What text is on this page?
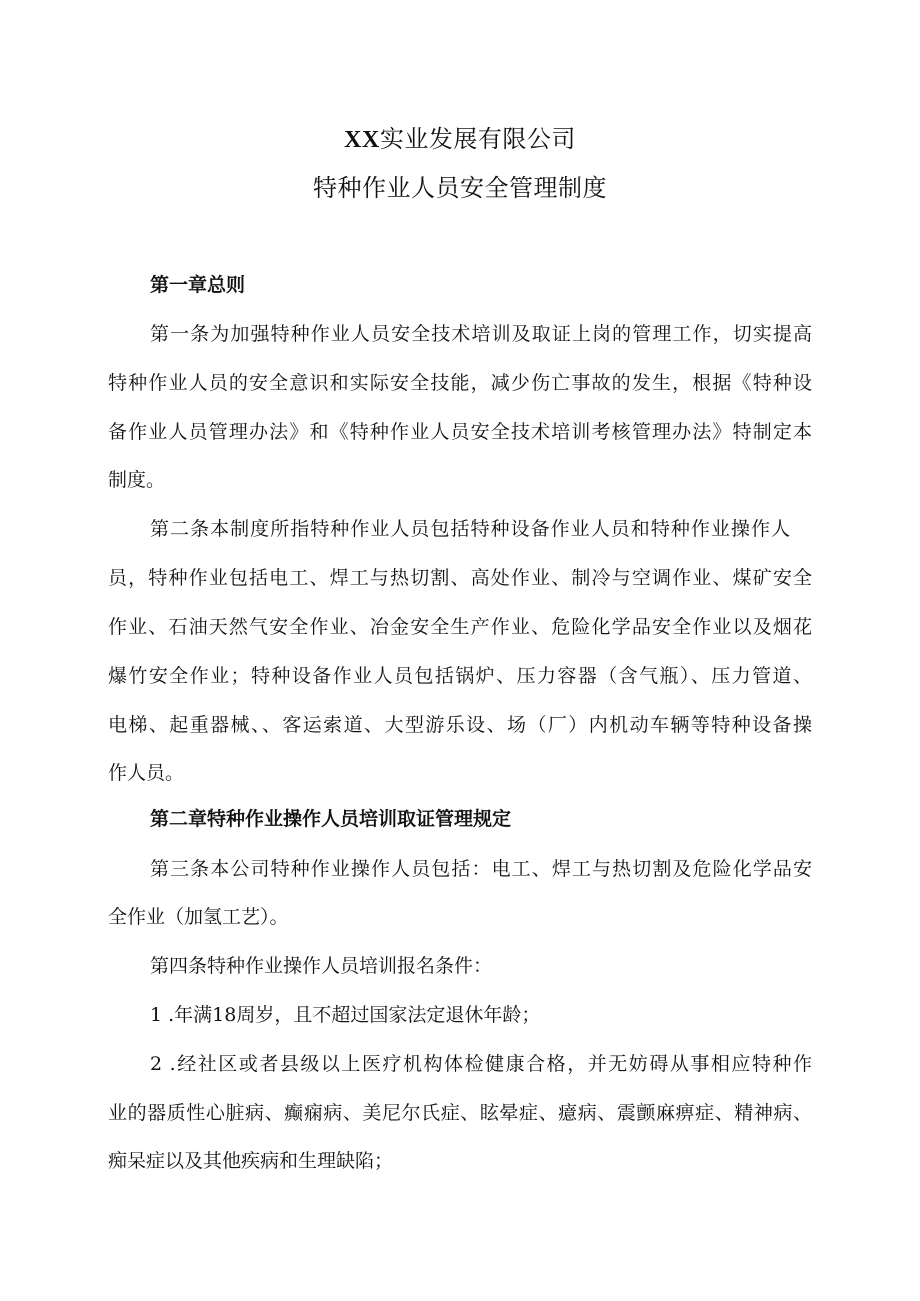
XX实业发展有限公司
特种作业人员安全管理制度
第一章总则
第一条为加强特种作业人员安全技术培训及取证上岗的管理工作，切实提高
特种作业人员的安全意识和实际安全技能，减少伤亡事故的发生，根据《特种设
备作业人员管理办法》和《特种作业人员安全技术培训考核管理办法》特制定本
制度。
第二条本制度所指特种作业人员包括特种设备作业人员和特种作业操作人
员，特种作业包括电工、焊工与热切割、高处作业、制冷与空调作业、煤矿安全
作业、石油天然气安全作业、冶金安全生产作业、危险化学品安全作业以及烟花
爆竹安全作业；特种设备作业人员包括锅炉、压力容器（含气瓶）、压力管道、
电梯、起重器械、、客运索道、大型游乐设、场（厂）内机动车辆等特种设备操
作人员。
第二章特种作业操作人员培训取证管理规定
第三条本公司特种作业操作人员包括：电工、焊工与热切割及危险化学品安
全作业（加氢工艺）。
第四条特种作业操作人员培训报名条件：
1 .年满18周岁，且不超过国家法定退休年龄；
2 .经社区或者县级以上医疗机构体检健康合格，并无妨碍从事相应特种作
业的器质性心脏病、癫痫病、美尼尔氏症、眩晕症、癔病、震颤麻痹症、精神病、
痴呆症以及其他疾病和生理缺陷；
